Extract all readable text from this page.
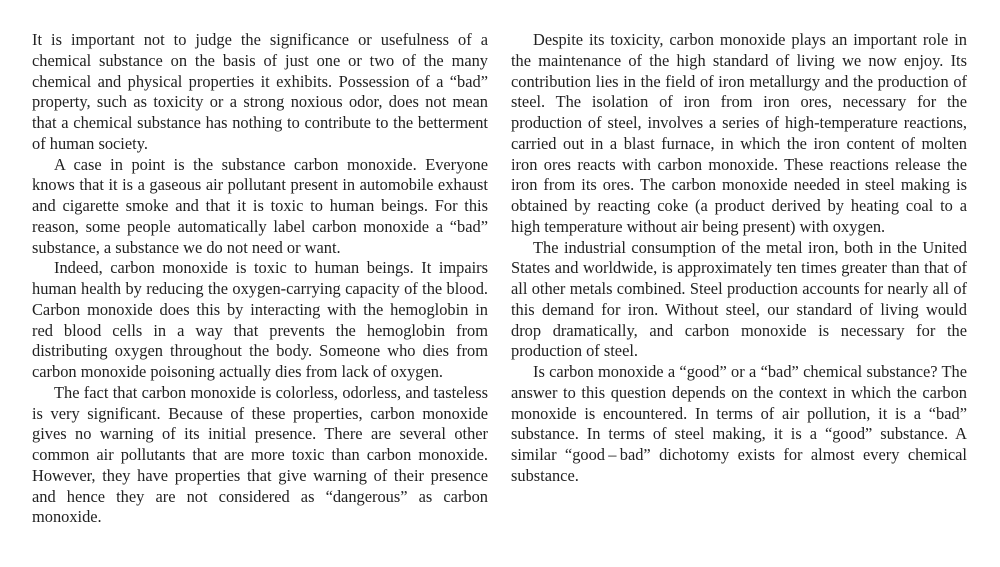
It is important not to judge the significance or usefulness of a chemical substance on the basis of just one or two of the many chemical and physical properties it exhibits. Possession of a “bad” property, such as toxicity or a strong noxious odor, does not mean that a chemical substance has nothing to contribute to the betterment of human society.

A case in point is the substance carbon monoxide. Everyone knows that it is a gaseous air pollutant present in automobile exhaust and cigarette smoke and that it is toxic to human beings. For this reason, some people automatically label carbon monoxide a “bad” substance, a substance we do not need or want.

Indeed, carbon monoxide is toxic to human beings. It impairs human health by reducing the oxygen-carrying capacity of the blood. Carbon monoxide does this by interacting with the hemoglobin in red blood cells in a way that prevents the hemoglobin from distributing oxygen throughout the body. Someone who dies from carbon monoxide poisoning actually dies from lack of oxygen.

The fact that carbon monoxide is colorless, odorless, and tasteless is very significant. Because of these properties, carbon monoxide gives no warning of its initial presence. There are several other common air pollutants that are more toxic than carbon monoxide. However, they have properties that give warning of their presence and hence they are not considered as “dangerous” as carbon monoxide.

Despite its toxicity, carbon monoxide plays an important role in the maintenance of the high standard of living we now enjoy. Its contribution lies in the field of iron metallurgy and the production of steel. The isolation of iron from iron ores, necessary for the production of steel, involves a series of high-temperature reactions, carried out in a blast furnace, in which the iron content of molten iron ores reacts with carbon monoxide. These reactions release the iron from its ores. The carbon monoxide needed in steel making is obtained by reacting coke (a product derived by heating coal to a high temperature without air being present) with oxygen.

The industrial consumption of the metal iron, both in the United States and worldwide, is approximately ten times greater than that of all other metals combined. Steel production accounts for nearly all of this demand for iron. Without steel, our standard of living would drop dramatically, and carbon monoxide is necessary for the production of steel.

Is carbon monoxide a “good” or a “bad” chemical substance? The answer to this question depends on the context in which the carbon monoxide is encountered. In terms of air pollution, it is a “bad” substance. In terms of steel making, it is a “good” substance. A similar “good – bad” dichotomy exists for almost every chemical substance.
